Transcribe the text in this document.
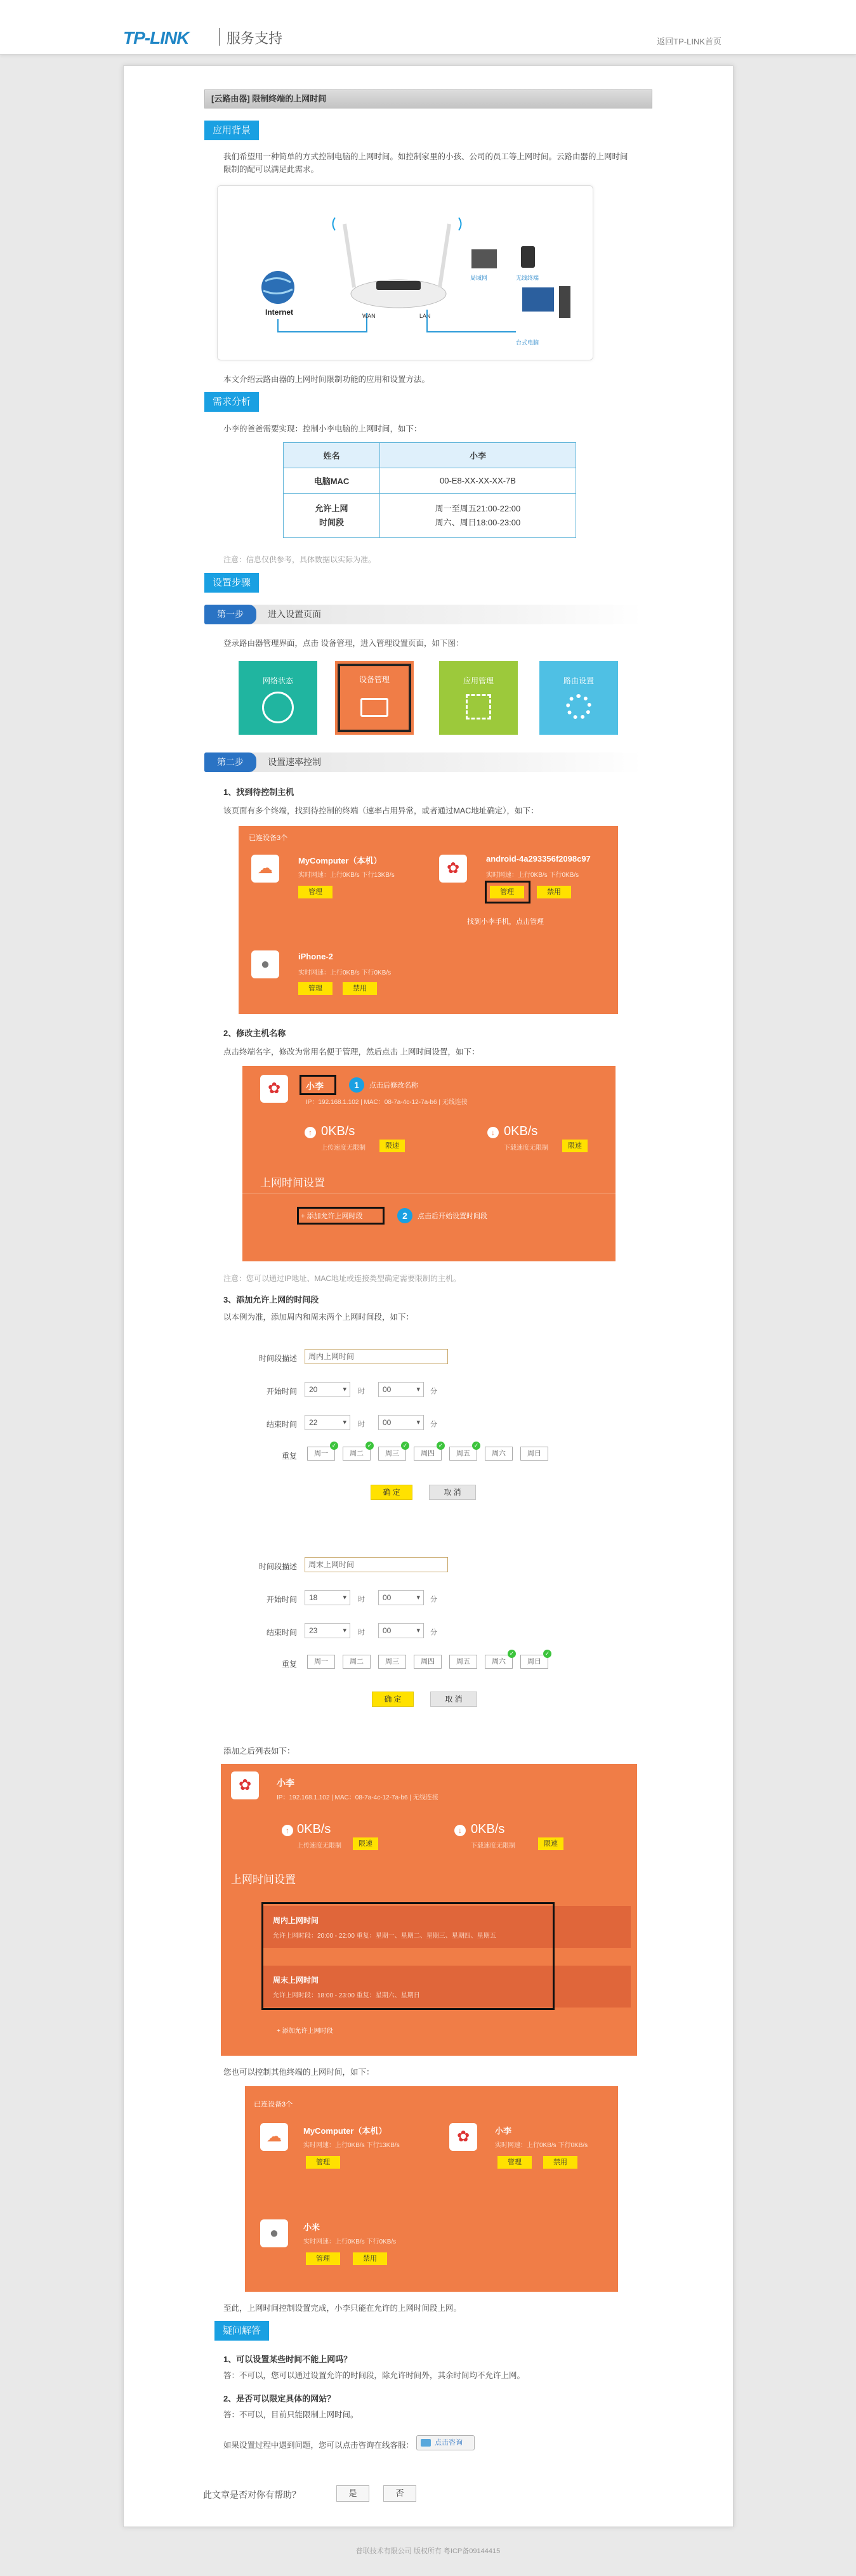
TP-LINK	服务支持	返回TP-LINK首页
[云路由器] 限制终端的上网时间
应用背景
我们希望用一种简单的方式控制电脑的上网时间。如控制家里的小孩、公司的员工等上网时间。云路由器的上网时间
限制的配可以满足此需求。
Internet	WAN	LAN
局域网	无线终端
台式电脑
本文介绍云路由器的上网时间限制功能的应用和设置方法。
需求分析
小李的爸爸需要实现：控制小李电脑的上网时间，如下：
姓名	小李
电脑MAC	00-E8-XX-XX-XX-7B
允许上网
时间段	周一至周五21:00-22:00
周六、周日18:00-23:00
注意：信息仅供参考，具体数据以实际为准。
设置步骤
第一步	进入设置页面
登录路由器管理界面，点击 设备管理，进入管理设置页面，如下图：
网络状态	设备管理	应用管理	路由设置
第二步	设置速率控制
1、找到待控制主机
该页面有多个终端，找到待控制的终端（速率占用异常，或者通过MAC地址确定），如下：
已连设备3个
☁	MyComputer（本机）
实时网速：上行0KB/s 下行13KB/s
管理
✿
android-4a293356f2098c97
实时网速：上行0KB/s 下行0KB/s
管理	禁用
找到小李手机，点击管理
●	iPhone-2
实时网速：上行0KB/s 下行0KB/s
管理	禁用
2、修改主机名称
点击终端名字，修改为常用名便于管理，然后点击 上网时间设置，如下：
✿	小李	1	点击后修改名称
IP：192.168.1.102 | MAC：08-7a-4c-12-7a-b6 | 无线连接
↑ 0KB/s
上传速度无限制	限速
↓ 0KB/s
下载速度无限制	限速
上网时间设置
+ 添加允许上网时段	2	点击后开始设置时间段
注意：您可以通过IP地址、MAC地址或连接类型确定需要限制的主机。
3、添加允许上网的时间段
以本例为准，添加周内和周末两个上网时间段，如下：
时间段描述	周内上网时间
开始时间	20 ▾	时	00 ▾	分
结束时间	22 ▾	时	00 ▾	分
重复	周一 ✓	周二 ✓	周三 ✓	周四 ✓	周五 ✓	周六	周日
确 定	取 消
时间段描述	周末上网时间
开始时间	18 ▾	时	00 ▾	分
结束时间	23 ▾	时	00 ▾	分
重复	周一	周二	周三	周四	周五	周六 ✓	周日 ✓
确 定	取 消
添加之后列表如下：
✿	小李
IP：192.168.1.102 | MAC：08-7a-4c-12-7a-b6 | 无线连接
↑ 0KB/s
上传速度无限制	限速
↓ 0KB/s
下载速度无限制	限速
上网时间设置
周内上网时间
允许上网时段：20:00 - 22:00 重复：星期一、星期二、星期三、星期四、星期五
周末上网时间
允许上网时段：18:00 - 23:00 重复：星期六、星期日
+ 添加允许上网时段
您也可以控制其他终端的上网时间，如下：
已连设备3个
☁	MyComputer（本机）
实时网速：上行0KB/s 下行13KB/s
管理
✿	小李
实时网速：上行0KB/s 下行0KB/s
管理	禁用
●	小米
实时网速：上行0KB/s 下行0KB/s
管理	禁用
至此，上网时间控制设置完成，小李只能在允许的上网时间段上网。
疑问解答
1、可以设置某些时间不能上网吗？
答：不可以，您可以通过设置允许的时间段，除允许时间外，其余时间均不允许上网。
2、是否可以限定具体的网站？
答：不可以，目前只能限制上网时间。
如果设置过程中遇到问题，您可以点击咨询在线客服：	点击咨询
此文章是否对你有帮助？	是	否
普联技术有限公司 版权所有 粤ICP备09144415
